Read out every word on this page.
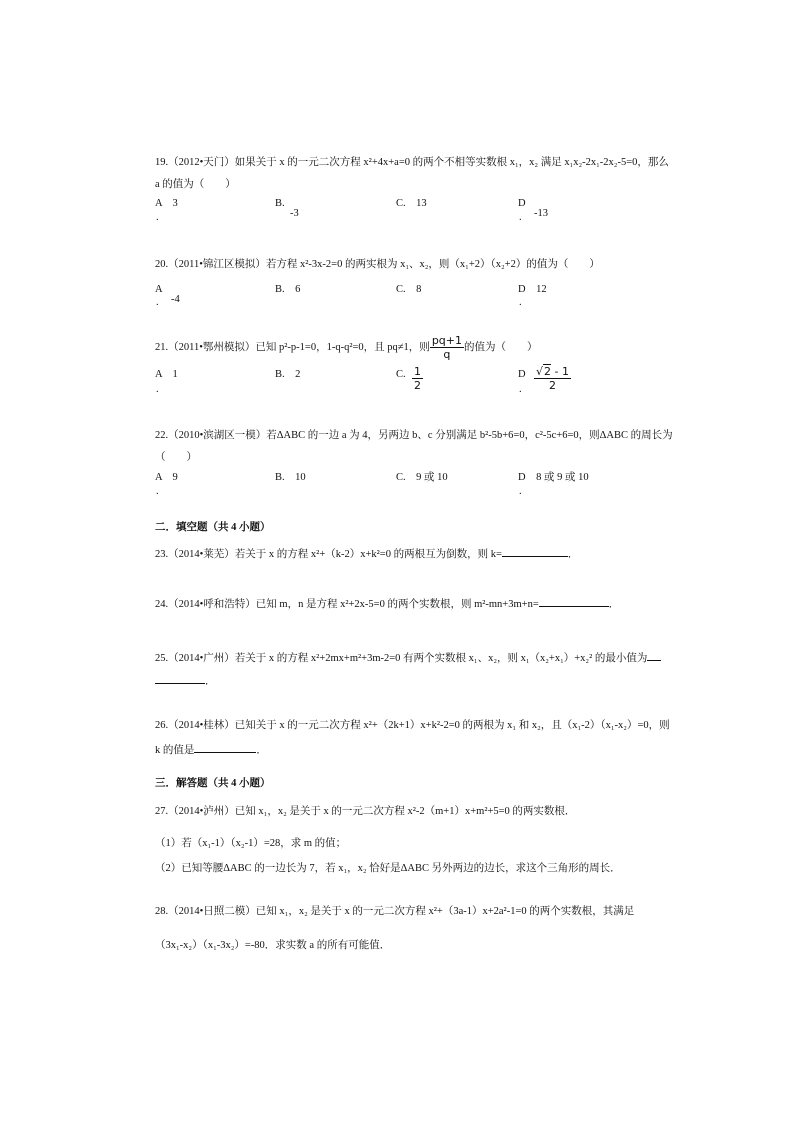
19.（2012•天门）如果关于 x 的一元二次方程 x²+4x+a=0 的两个不相等实数根 x₁，x₂ 满足 x₁x₂-2x₁-2x₂-5=0，那么
a 的值为（　　）
A　3
.
B.
-3
C.　13	D
. -13
20.（2011•锦江区模拟）若方程 x²-3x-2=0 的两实根为 x₁、x₂，则（x₁+2）（x₂+2）的值为（　　）
A
-4
.
B.　6	C.　8	D　12
.
21.（2011•鄂州模拟）已知 p²-p-1=0，1-q-q²=0，且 pq≠1，则 $\frac{pq+1}{q}$ 的值为（　　）
A　1
.
B.　2	C. $\frac{1}{2}$	D
. $\frac{√2 - 1}{2}$
22.（2010•滨湖区一模）若ΔABC 的一边 a 为 4，另两边 b、c 分别满足 b²-5b+6=0，c²-5c+6=0，则ΔABC 的周长为
（　　）
A　9
.
B.　10	C.　9 或 10	D　8 或 9 或 10
.
二．填空题（共 4 小题）
23.（2014•莱芜）若关于 x 的方程 x²+（k-2）x+k²=0 的两根互为倒数，则 k=	．
24.（2014•呼和浩特）已知 m，n 是方程 x²+2x-5=0 的两个实数根，则 m²-mn+3m+n=	．
25.（2014•广州）若关于 x 的方程 x²+2mx+m²+3m-2=0 有两个实数根 x₁、x₂，则 x₁（x₂+x₁）+x₂² 的最小值为
．
26.（2014•桂林）已知关于 x 的一元二次方程 x²+（2k+1）x+k²-2=0 的两根为 x₁ 和 x₂，且（x₁-2）（x₁-x₂）=0，则
k 的值是	．
三．解答题（共 4 小题）
27.（2014•泸州）已知 x₁，x₂ 是关于 x 的一元二次方程 x²-2（m+1）x+m²+5=0 的两实数根．
（1）若（x₁-1）（x₂-1）=28，求 m 的值；
（2）已知等腰ΔABC 的一边长为 7，若 x₁，x₂ 恰好是ΔABC 另外两边的边长，求这个三角形的周长．
28.（2014•日照二模）已知 x₁，x₂ 是关于 x 的一元二次方程 x²+（3a-1）x+2a²-1=0 的两个实数根，其满足
（3x₁-x₂）（x₁-3x₂）=-80．求实数 a 的所有可能值．
